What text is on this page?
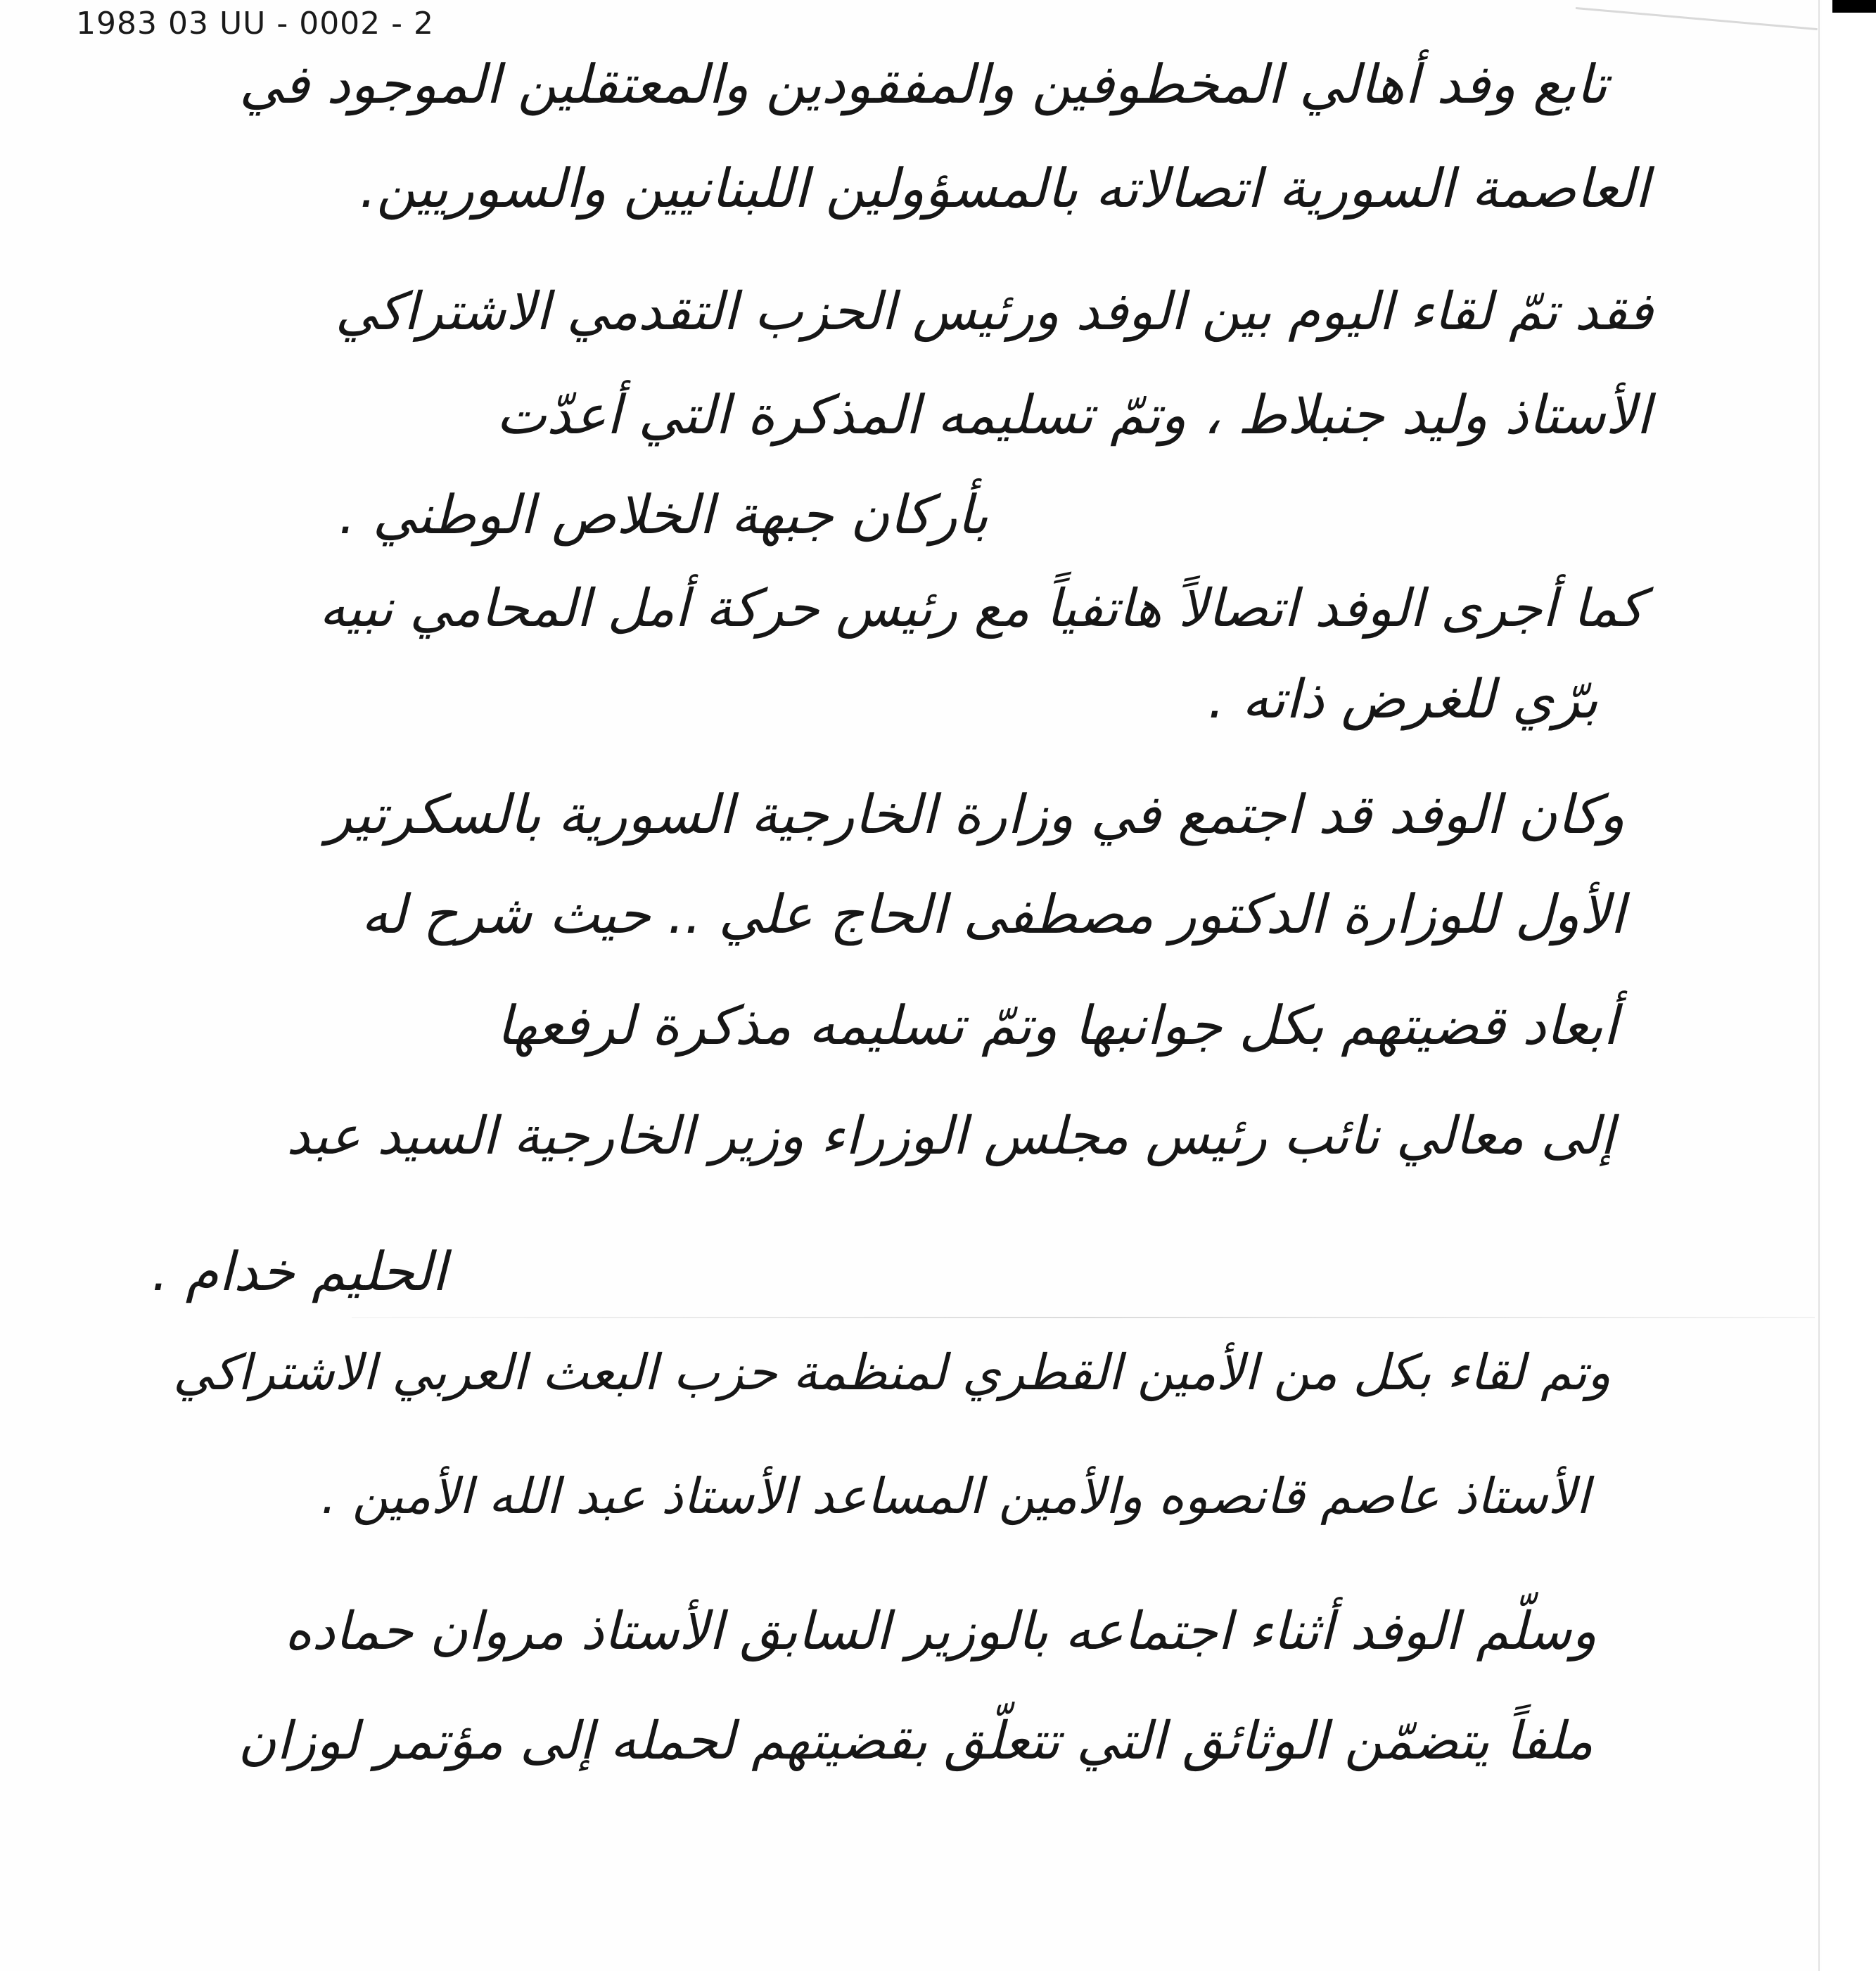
1983 03 UU - 0002 - 2
تابع وفد أهالي المخطوفين والمفقودين والمعتقلين الموجود في
العاصمة السورية اتصالاته بالمسؤولين اللبنانيين والسوريين.
فقد تمّ لقاء اليوم بين الوفد ورئيس الحزب التقدمي الاشتراكي
الأستاذ وليد جنبلاط ، وتمّ تسليمه المذكرة التي أعدّت
بأركان جبهة الخلاص الوطني .
كما أجرى الوفد اتصالاً هاتفياً مع رئيس حركة أمل المحامي نبيه
برّي للغرض ذاته .
وكان الوفد قد اجتمع في وزارة الخارجية السورية بالسكرتير
الأول للوزارة الدكتور مصطفى الحاج علي .. حيث شرح له
أبعاد قضيتهم بكل جوانبها وتمّ تسليمه مذكرة لرفعها
إلى معالي نائب رئيس مجلس الوزراء وزير الخارجية السيد عبد
الحليم خدام .
وتم لقاء بكل من الأمين القطري لمنظمة حزب البعث العربي الاشتراكي
الأستاذ عاصم قانصوه والأمين المساعد الأستاذ عبد الله الأمين .
وسلّم الوفد أثناء اجتماعه بالوزير السابق الأستاذ مروان حماده
ملفاً يتضمّن الوثائق التي تتعلّق بقضيتهم لحمله إلى مؤتمر لوزان
